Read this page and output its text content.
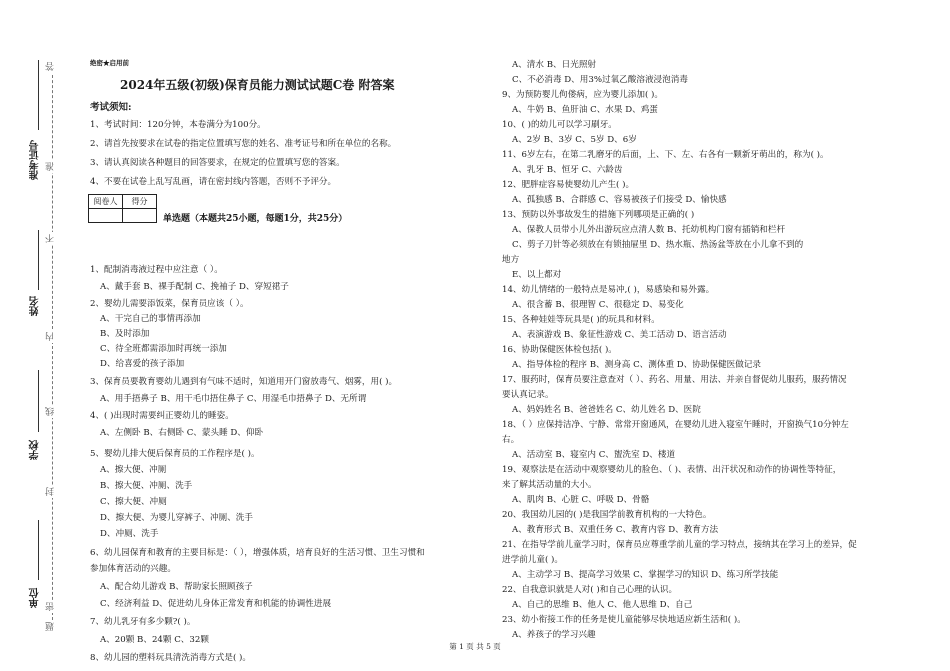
准考证号
姓名
学校
单位 密
封
线
内
不
准
答
题
绝密★启用前
2024年五级(初级)保育员能力测试试题C卷 附答案
考试须知:
1、考试时间：120分钟，本卷满分为100分。
2、请首先按要求在试卷的指定位置填写您的姓名、准考证号和所在单位的名称。
3、请认真阅读各种题目的回答要求，在规定的位置填写您的答案。
4、不要在试卷上乱写乱画，请在密封线内答题，否则不予评分。
阅卷人	得分

单选题（本题共25小题，每题1分，共25分）
1、配制消毒液过程中应注意（ ）。
A、戴手套 B、裸手配制 C、挽袖子 D、穿短裙子
2、婴幼儿需要添饭菜，保育员应该（ ）。
A、干完自己的事情再添加
B、及时添加
C、待全班都需添加时再统一添加
D、给喜爱的孩子添加
3、保育员要教育婴幼儿遇到有气味不适时，知道用开门窗放毒气、烟雾，用( )。
A、用手捂鼻子 B、用干毛巾捂住鼻子 C、用湿毛巾捂鼻子 D、无所谓
4、( )出现时需要纠正婴幼儿的睡姿。
A、左侧卧 B、右侧卧 C、蒙头睡 D、仰卧
5、婴幼儿排大便后保育员的工作程序是( )。
A、擦大便、冲厕
B、擦大便、冲厕、洗手
C、擦大便、冲厕
D、擦大便、为婴儿穿裤子、冲厕、洗手
D、冲厕、洗手
6、幼儿园保育和教育的主要目标是：（ ），增强体质，培育良好的生活习惯、卫生习惯和
参加体育活动的兴趣。
A、配合幼儿游戏 B、帮助家长照顾孩子
C、经济利益 D、促进幼儿身体正常发育和机能的协调性进展
7、幼儿乳牙有多少颗?( )。
A、20颗 B、24颗 C、32颗
8、幼儿园的塑料玩具清洗消毒方式是( )。
A、清水 B、日光照射
C、不必消毒 D、用3%过氧乙酸溶液浸泡消毒
9、为预防婴儿佝偻病，应为婴儿添加( )。
A、牛奶 B、鱼肝油 C、水果 D、鸡蛋
10、( )的幼儿可以学习刷牙。
A、2岁 B、3岁 C、5岁 D、6岁
11、6岁左右，在第二乳磨牙的后面，上、下、左、右各有一颗新牙萌出的，称为( )。
A、乳牙 B、恒牙 C、六龄齿
12、肥胖症容易使婴幼儿产生( )。
A、孤独感 B、合群感 C、容易被孩子们接受 D、愉快感
13、预防以外事故发生的措施下列哪项是正确的( )
A、保教人员带小儿外出游玩应点清人数 B、托幼机构门窗有插销和栏杆
C、剪子刀针等必须放在有锁抽屉里 D、热水瓶、热汤盆等放在小儿拿不到的
地方
E、以上都对
14、幼儿情绪的一般特点是易冲,( )，易感染和易外露。
A、很含蓄 B、很理智 C、很稳定 D、易变化
15、各种娃娃等玩具是( )的玩具和材料。
A、表演游戏 B、象征性游戏 C、美工活动 D、语言活动
16、协助保健医体检包括( )。
A、指导体检的程序 B、测身高 C、测体重 D、协助保健医做记录
17、服药时，保育员要注意查对（ ）、药名、用量、用法、并亲自督促幼儿服药，服药情况
要认真记录。
A、妈妈姓名 B、爸爸姓名 C、幼儿姓名 D、医院
18、（ ）应保持洁净、宁静、常常开窗通风，在婴幼儿进入寝室午睡时，开窗换气10分钟左
右。
A、活动室 B、寝室内 C、盥洗室 D、楼道
19、观察法是在活动中观察婴幼儿的脸色、（ )、表情、出汗状况和动作的协调性等特征，
来了解其活动量的大小。
A、肌肉 B、心脏 C、呼吸 D、骨骼
20、我国幼儿园的( )是我国学前教育机构的一大特色。
A、教育形式 B、双重任务 C、教育内容 D、教育方法
21、在指导学前儿童学习时，保育员应尊重学前儿童的学习特点，接纳其在学习上的差异，促
进学前儿童( )。
A、主动学习 B、提高学习效果 C、掌握学习的知识 D、练习所学技能
22、自我意识就是人对( )和自己心理的认识。
A、自己的思维 B、他人 C、他人思维 D、自己
23、幼小衔接工作的任务是使儿童能够尽快地适应新生活和( )。
A、养孩子的学习兴趣
第 1 页 共 5 页
